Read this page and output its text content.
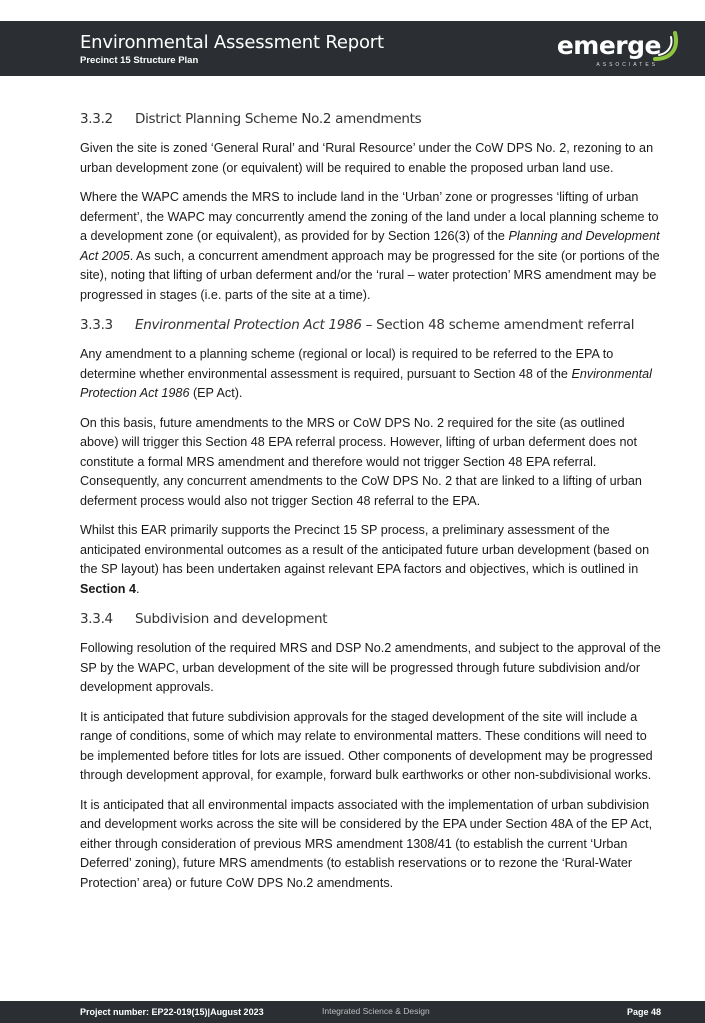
Environmental Assessment Report
Precinct 15 Structure Plan
emerge
ASSOCIATES
3.3.2	District Planning Scheme No.2 amendments

Given the site is zoned ‘General Rural’ and ‘Rural Resource’ under the CoW DPS No. 2, rezoning to an urban development zone (or equivalent) will be required to enable the proposed urban land use.

Where the WAPC amends the MRS to include land in the ‘Urban’ zone or progresses ‘lifting of urban deferment’, the WAPC may concurrently amend the zoning of the land under a local planning scheme to a development zone (or equivalent), as provided for by Section 126(3) of the Planning and Development Act 2005. As such, a concurrent amendment approach may be progressed for the site (or portions of the site), noting that lifting of urban deferment and/or the ‘rural – water protection’ MRS amendment may be progressed in stages (i.e. parts of the site at a time).

3.3.3	Environmental Protection Act 1986 – Section 48 scheme amendment referral

Any amendment to a planning scheme (regional or local) is required to be referred to the EPA to determine whether environmental assessment is required, pursuant to Section 48 of the Environmental Protection Act 1986 (EP Act).

On this basis, future amendments to the MRS or CoW DPS No. 2 required for the site (as outlined above) will trigger this Section 48 EPA referral process. However, lifting of urban deferment does not constitute a formal MRS amendment and therefore would not trigger Section 48 EPA referral. Consequently, any concurrent amendments to the CoW DPS No. 2 that are linked to a lifting of urban deferment process would also not trigger Section 48 referral to the EPA.

Whilst this EAR primarily supports the Precinct 15 SP process, a preliminary assessment of the anticipated environmental outcomes as a result of the anticipated future urban development (based on the SP layout) has been undertaken against relevant EPA factors and objectives, which is outlined in Section 4.

3.3.4	Subdivision and development

Following resolution of the required MRS and DSP No.2 amendments, and subject to the approval of the SP by the WAPC, urban development of the site will be progressed through future subdivision and/or development approvals.

It is anticipated that future subdivision approvals for the staged development of the site will include a range of conditions, some of which may relate to environmental matters. These conditions will need to be implemented before titles for lots are issued. Other components of development may be progressed through development approval, for example, forward bulk earthworks or other non-subdivisional works.

It is anticipated that all environmental impacts associated with the implementation of urban subdivision and development works across the site will be considered by the EPA under Section 48A of the EP Act, either through consideration of previous MRS amendment 1308/41 (to establish the current ‘Urban Deferred’ zoning), future MRS amendments (to establish reservations or to rezone the ‘Rural-Water Protection’ area) or future CoW DPS No.2 amendments.

Project number: EP22-019(15)|August 2023	Integrated Science & Design	Page 48
